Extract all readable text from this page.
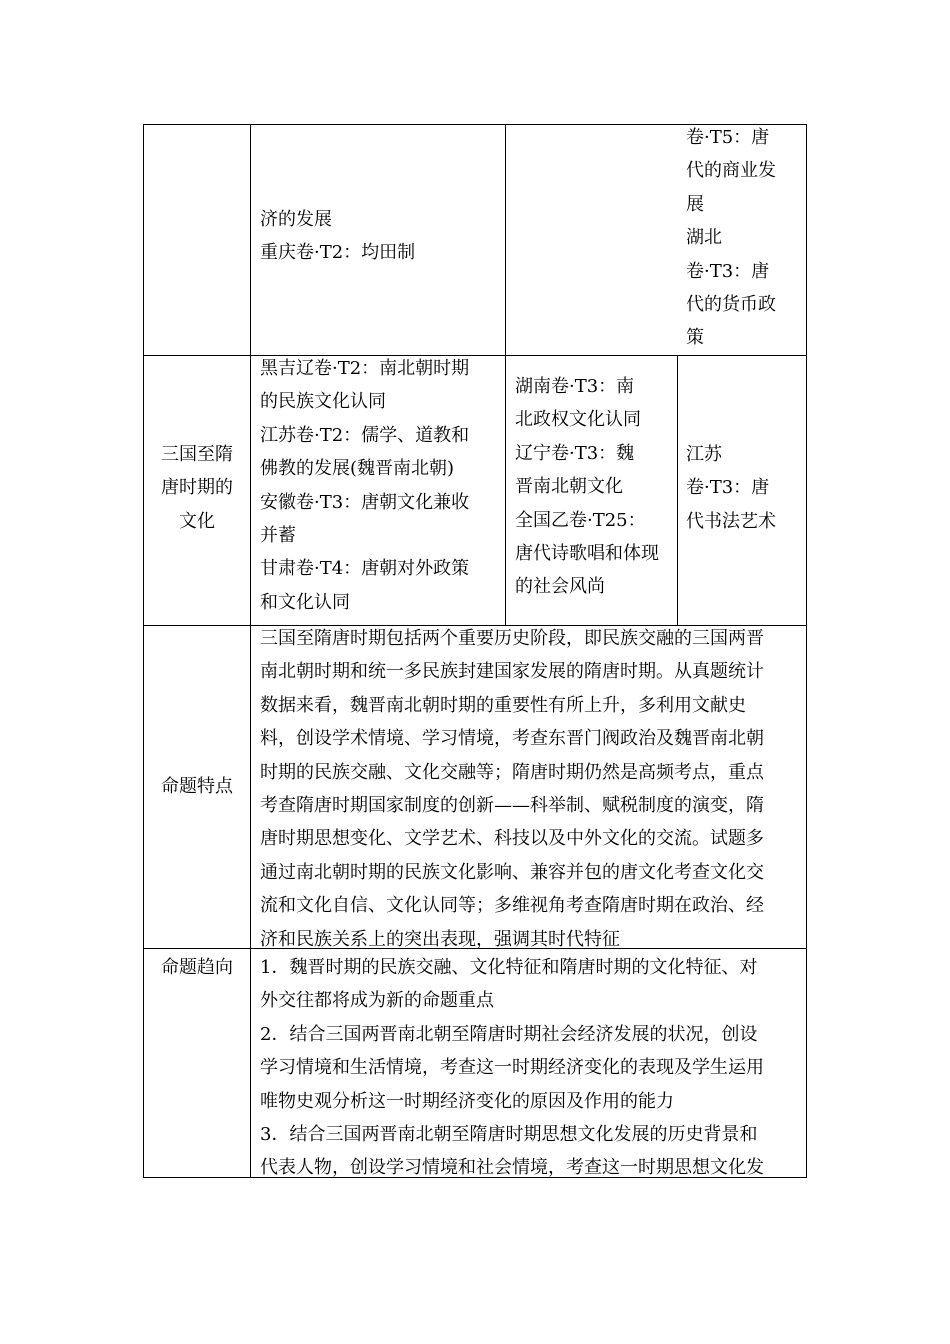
济的发展
重庆卷·T2：均田制
卷·T5：唐
代的商业发
展
湖北
卷·T3：唐
代的货币政
策
三国至隋
唐时期的
文化
黑吉辽卷·T2：南北朝时期
的民族文化认同
江苏卷·T2：儒学、道教和
佛教的发展(魏晋南北朝)
安徽卷·T3：唐朝文化兼收
并蓄
甘肃卷·T4：唐朝对外政策
和文化认同
湖南卷·T3：南
北政权文化认同
辽宁卷·T3：魏
晋南北朝文化
全国乙卷·T25：
唐代诗歌唱和体现
的社会风尚
江苏
卷·T3：唐
代书法艺术
命题特点
三国至隋唐时期包括两个重要历史阶段，即民族交融的三国两晋
南北朝时期和统一多民族封建国家发展的隋唐时期。从真题统计
数据来看，魏晋南北朝时期的重要性有所上升，多利用文献史
料，创设学术情境、学习情境，考查东晋门阀政治及魏晋南北朝
时期的民族交融、文化交融等；隋唐时期仍然是高频考点，重点
考查隋唐时期国家制度的创新——科举制、赋税制度的演变，隋
唐时期思想变化、文学艺术、科技以及中外文化的交流。试题多
通过南北朝时期的民族文化影响、兼容并包的唐文化考查文化交
流和文化自信、文化认同等；多维视角考查隋唐时期在政治、经
济和民族关系上的突出表现，强调其时代特征
命题趋向	1．魏晋时期的民族交融、文化特征和隋唐时期的文化特征、对
外交往都将成为新的命题重点
2．结合三国两晋南北朝至隋唐时期社会经济发展的状况，创设
学习情境和生活情境，考查这一时期经济变化的表现及学生运用
唯物史观分析这一时期经济变化的原因及作用的能力
3．结合三国两晋南北朝至隋唐时期思想文化发展的历史背景和
代表人物，创设学习情境和社会情境，考查这一时期思想文化发
